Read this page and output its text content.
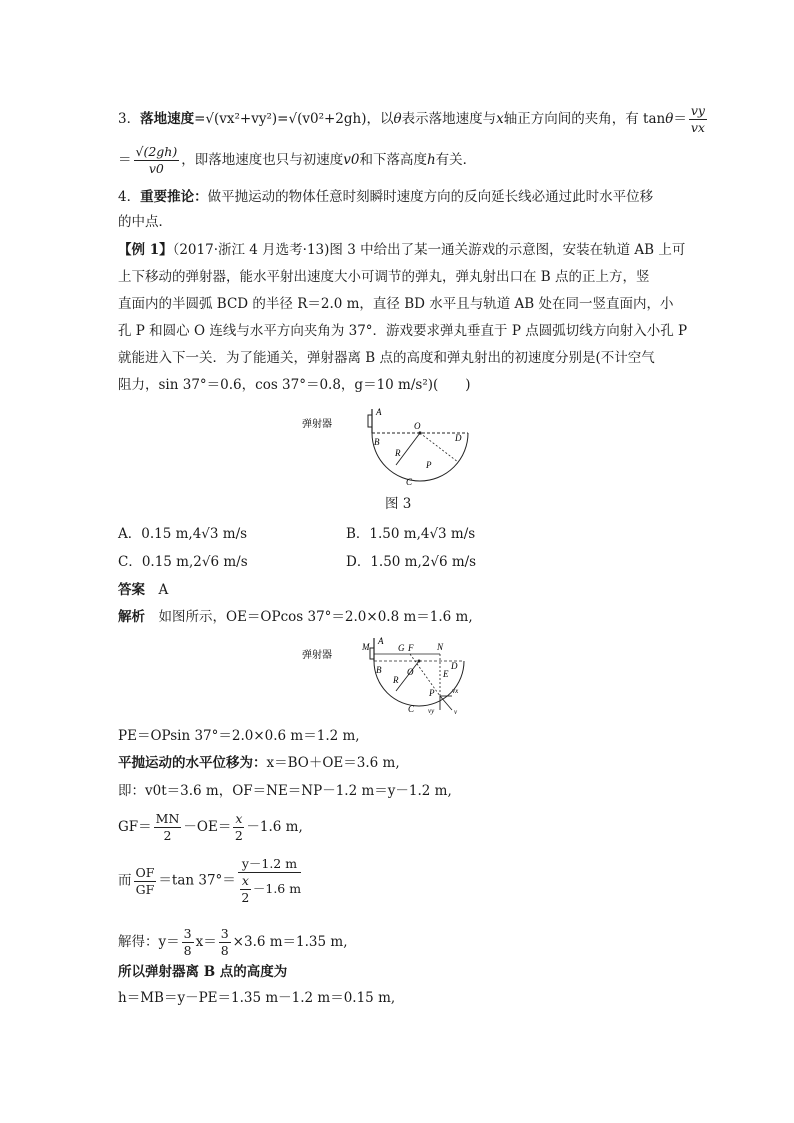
3．落地速度=√(vx²+vy²)=√(v0²+2gh)，以θ表示落地速度与x轴正方向间的夹角，有 $\tan\theta= \frac{vy}{vx}$
＝ $\frac{√(2gh)}{v0}$ ，即落地速度也只与初速度v0和下落高度h有关．
4．重要推论：做平抛运动的物体任意时刻瞬时速度方向的反向延长线必通过此时水平位移
的中点．
【例 1】（2017·浙江 4 月选考·13)图 3 中给出了某一通关游戏的示意图，安装在轨道 AB 上可
上下移动的弹射器，能水平射出速度大小可调节的弹丸，弹丸射出口在 B 点的正上方，竖
直面内的半圆弧 BCD 的半径 R＝2.0 m，直径 BD 水平且与轨道 AB 处在同一竖直面内，小
孔 P 和圆心 O 连线与水平方向夹角为 37°．游戏要求弹丸垂直于 P 点圆弧切线方向射入小孔 P
就能进入下一关．为了能通关，弹射器离 B 点的高度和弹丸射出的初速度分别是(不计空气
阻力，sin 37°＝0.6，cos 37°＝0.8，g＝10 m/s²)(　　)
弹射器
A
B
O
D
R
P
C
图 3
A．0.15 m,4√3 m/s	B．1.50 m,4√3 m/s
C．0.15 m,2√6 m/s	D．1.50 m,2√6 m/s
答案　 A
解析　 如图所示，OE＝OPcos 37°＝2.0×0.8 m＝1.6 m,
弹射器
M
A
B
G F	N
D
O	E
R
P
C
vx
vy	v
PE＝OPsin 37°＝2.0×0.6 m＝1.2 m,
平抛运动的水平位移为：x＝BO＋OE＝3.6 m,
即：v0t＝3.6 m，OF＝NE＝NP－1.2 m＝y－1.2 m,
$GF= \frac{MN}{2} -OE= \frac{x}{2} -1.6$ m,
而 $\frac{OF}{GF} =\tan$ $37^\circ= \frac{y-1.2 m}{\frac{x}{2} -1.6 m}$
解得：$y= \frac{3}{8} x= \frac{3}{8} \times 3.6$ m＝1.35 m,
所以弹射器离 B 点的高度为
h＝MB＝y－PE＝1.35 m－1.2 m＝0.15 m,
